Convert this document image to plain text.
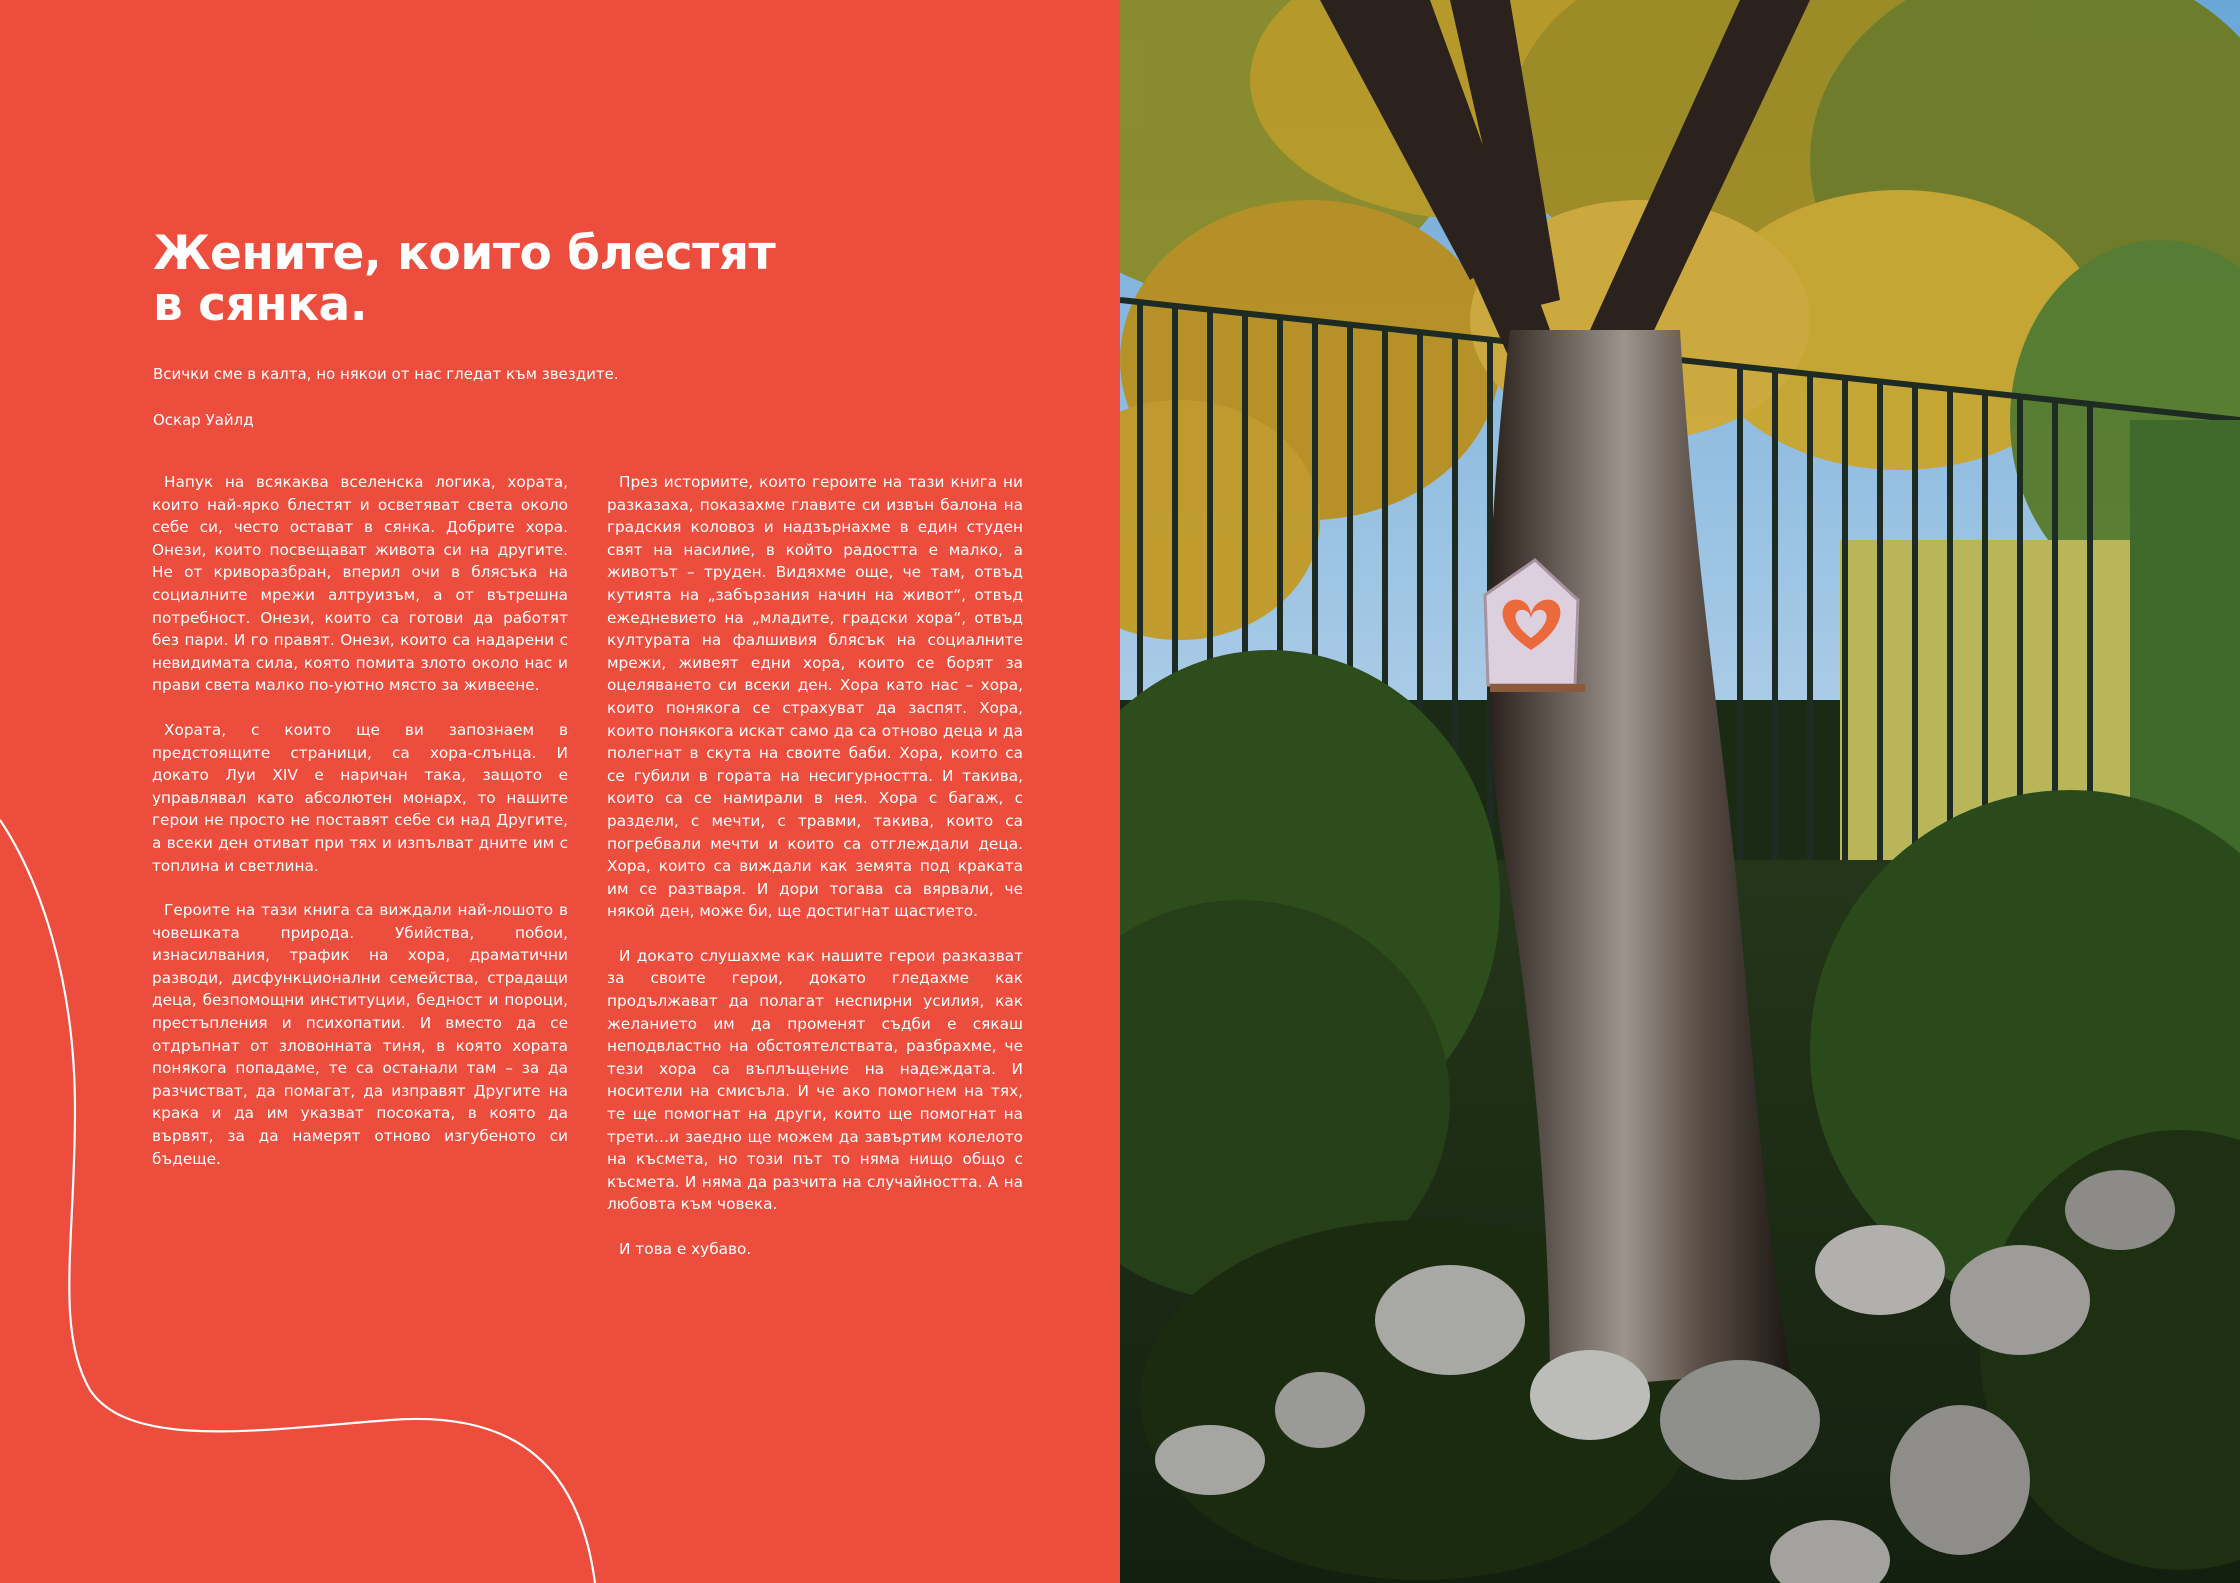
Жените, които блестят
в сянка.

Всички сме в калта, но някои от нас гледат към звездите.

Оскар Уайлд

Напук на всякаква вселенска логика, хората, които най-ярко блестят и осветяват света около себе си, често остават в сянка. Добрите хора. Онези, които посвещават живота си на другите. Не от криворазбран, вперил очи в блясъка на социалните мрежи алтруизъм, а от вътрешна потребност. Онези, които са готови да работят без пари. И го правят. Онези, които са надарени с невидимата сила, която помита злото около нас и прави света малко по-уютно място за живеене.

Хората, с които ще ви запознаем в предстоящите страници, са хора-слънца. И докато Луи XIV е наричан така, защото е управлявал като абсолютен монарх, то нашите герои не просто не поставят себе си над Другите, а всеки ден отиват при тях и изпълват дните им с топлина и светлина.

Героите на тази книга са виждали най-лошото в човешката природа. Убийства, побои, изнасилвания, трафик на хора, драматични разводи, дисфункционални семейства, страдащи деца, безпомощни институции, бедност и пороци, престъпления и психопатии. И вместо да се отдръпнат от зловонната тиня, в която хората понякога попадаме, те са останали там – за да разчистват, да помагат, да изправят Другите на крака и да им указват посоката, в която да вървят, за да намерят отново изгубеното си бъдеще.

През историите, които героите на тази книга ни разказаха, показахме главите си извън балона на градския коловоз и надзърнахме в един студен свят на насилие, в който радостта е малко, а животът – труден. Видяхме още, че там, отвъд кутията на „забързания начин на живот“, отвъд ежедневието на „младите, градски хора“, отвъд културата на фалшивия блясък на социалните мрежи, живеят едни хора, които се борят за оцеляването си всеки ден. Хора като нас – хора, които понякога се страхуват да заспят. Хора, които понякога искат само да са отново деца и да полегнат в скута на своите баби. Хора, които са се губили в гората на несигурността. И такива, които са се намирали в нея. Хора с багаж, с раздели, с мечти, с травми, такива, които са погребвали мечти и които са отглеждали деца. Хора, които са виждали как земята под краката им се разтваря. И дори тогава са вярвали, че някой ден, може би, ще достигнат щастието.

И докато слушахме как нашите герои разказват за своите герои, докато гледахме как продължават да полагат неспирни усилия, как желанието им да променят съдби е сякаш неподвластно на обстоятелствата, разбрахме, че тези хора са въплъщение на надеждата. И носители на смисъла. И че ако помогнем на тях, те ще помогнат на други, които ще помогнат на трети…и заедно ще можем да завъртим колелото на късмета, но този път то няма нищо общо с късмета. И няма да разчита на случайността. А на любовта към човека.

И това е хубаво.
